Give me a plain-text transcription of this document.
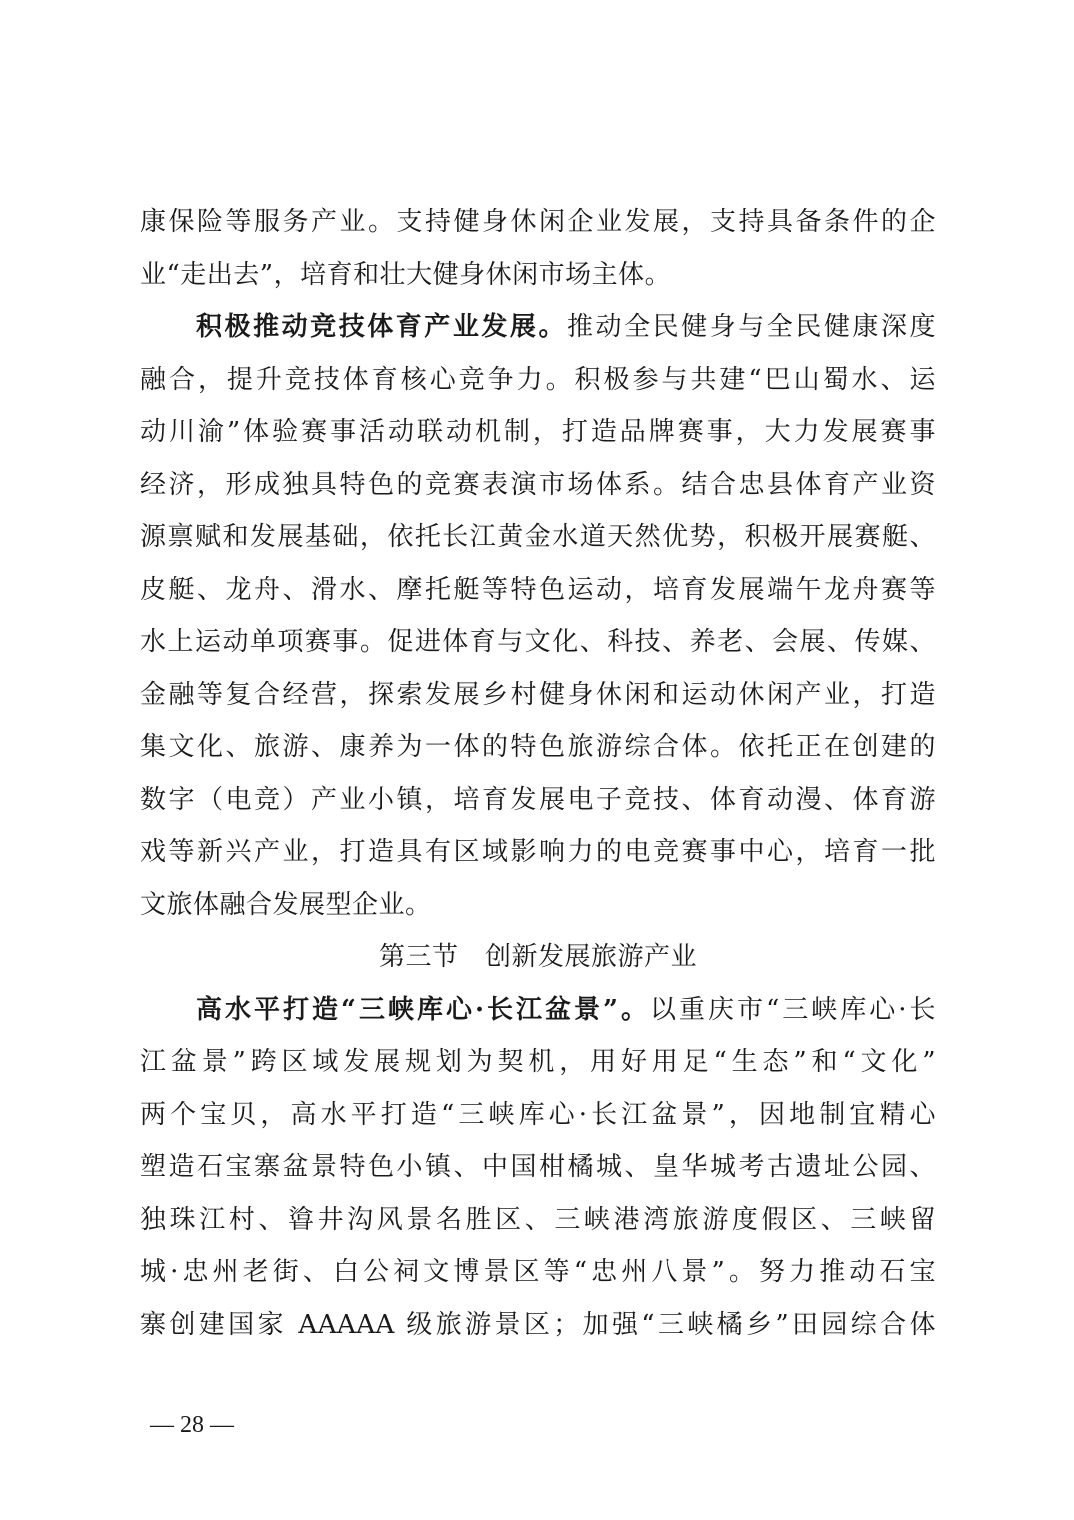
康保险等服务产业。支持健身休闲企业发展，支持具备条件的企
业“走出去”，培育和壮大健身休闲市场主体。
积极推动竞技体育产业发展。推动全民健身与全民健康深度
融合，提升竞技体育核心竞争力。积极参与共建“巴山蜀水、运
动川渝”体验赛事活动联动机制，打造品牌赛事，大力发展赛事
经济，形成独具特色的竞赛表演市场体系。结合忠县体育产业资
源禀赋和发展基础，依托长江黄金水道天然优势，积极开展赛艇、
皮艇、龙舟、滑水、摩托艇等特色运动，培育发展端午龙舟赛等
水上运动单项赛事。促进体育与文化、科技、养老、会展、传媒、
金融等复合经营，探索发展乡村健身休闲和运动休闲产业，打造
集文化、旅游、康养为一体的特色旅游综合体。依托正在创建的
数字（电竞）产业小镇，培育发展电子竞技、体育动漫、体育游
戏等新兴产业，打造具有区域影响力的电竞赛事中心，培育一批
文旅体融合发展型企业。
第三节　创新发展旅游产业
高水平打造“三峡库心·长江盆景”。以重庆市“三峡库心·长
江盆景”跨区域发展规划为契机，用好用足“生态”和“文化”
两个宝贝，高水平打造“三峡库心·长江盆景”，因地制宜精心
塑造石宝寨盆景特色小镇、中国柑橘城、皇华城考古遗址公园、
独珠江村、㽏井沟风景名胜区、三峡港湾旅游度假区、三峡留
城·忠州老街、白公祠文博景区等“忠州八景”。努力推动石宝
寨创建国家 AAAAA 级旅游景区；加强“三峡橘乡”田园综合体
— 28 —
